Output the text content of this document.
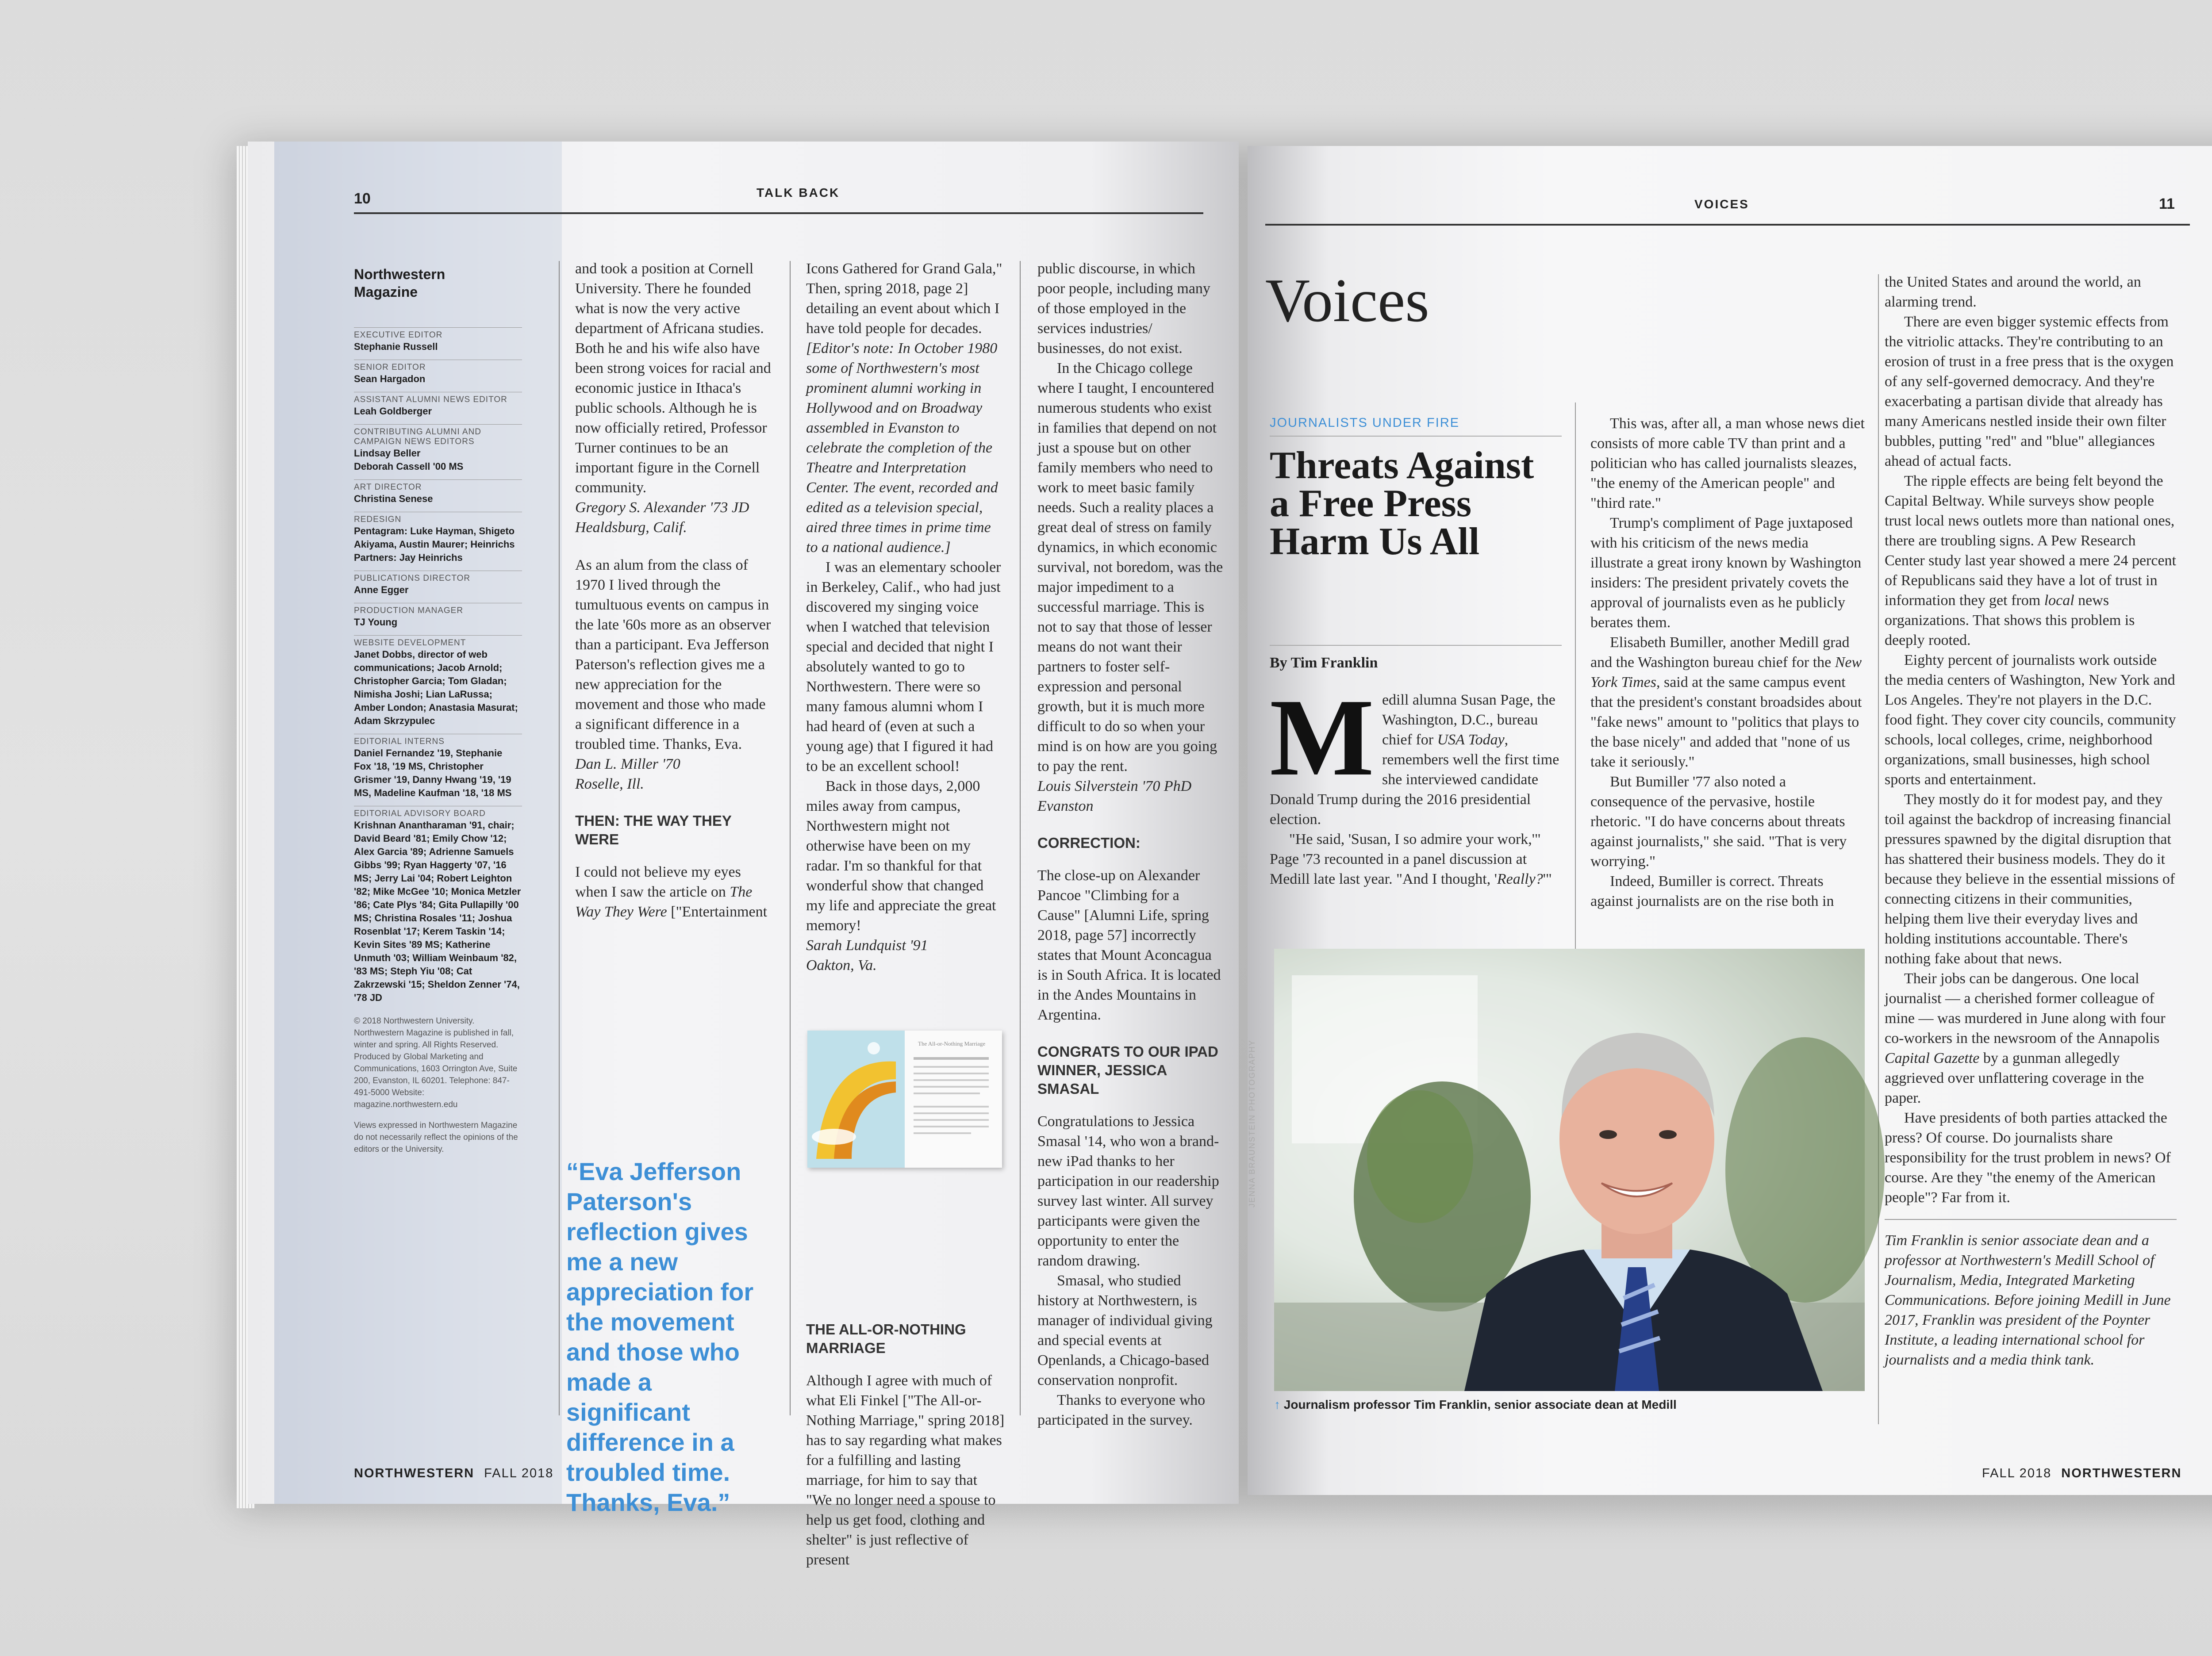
10	TALK BACK
Northwestern Magazine
EXECUTIVE EDITOR
Stephanie Russell
SENIOR EDITOR
Sean Hargadon
ASSISTANT ALUMNI NEWS EDITOR
Leah Goldberger
CONTRIBUTING ALUMNI AND CAMPAIGN NEWS EDITORS
Lindsay Beller
Deborah Cassell '00 MS
ART DIRECTOR
Christina Senese
REDESIGN
Pentagram: Luke Hayman, Shigeto Akiyama, Austin Maurer; Heinrichs Partners: Jay Heinrichs
PUBLICATIONS DIRECTOR
Anne Egger
PRODUCTION MANAGER
TJ Young
WEBSITE DEVELOPMENT
Janet Dobbs, director of web communications; Jacob Arnold; Christopher Garcia; Tom Gladan; Nimisha Joshi; Lian LaRussa; Amber London; Anastasia Masurat; Adam Skrzypulec
EDITORIAL INTERNS
Daniel Fernandez '19, Stephanie Fox '18, '19 MS, Christopher Grismer '19, Danny Hwang '19, '19 MS, Madeline Kaufman '18, '18 MS
EDITORIAL ADVISORY BOARD
Krishnan Anantharaman '91, chair; David Beard '81; Emily Chow '12; Alex Garcia '89; Adrienne Samuels Gibbs '99; Ryan Haggerty '07, '16 MS; Jerry Lai '04; Robert Leighton '82; Mike McGee '10; Monica Metzler '86; Cate Plys '84; Gita Pullapilly '00 MS; Christina Rosales '11; Joshua Rosenblat '17; Kerem Taskin '14; Kevin Sites '89 MS; Katherine Unmuth '03; William Weinbaum '82, '83 MS; Steph Yiu '08; Cat Zakrzewski '15; Sheldon Zenner '74, '78 JD
© 2018 Northwestern University. Northwestern Magazine is published in fall, winter and spring. All Rights Reserved. Produced by Global Marketing and Communications, 1603 Orrington Ave, Suite 200, Evanston, IL 60201. Telephone: 847-491-5000 Website: magazine.northwestern.edu
Views expressed in Northwestern Magazine do not necessarily reflect the opinions of the editors or the University.

and took a position at Cornell University. There he founded what is now the very active department of Africana studies. Both he and his wife also have been strong voices for racial and economic justice in Ithaca's public schools. Although he is now officially retired, Professor Turner continues to be an important figure in the Cornell community.

Gregory S. Alexander '73 JD

Healdsburg, Calif.

As an alum from the class of 1970 I lived through the tumultuous events on campus in the late '60s more as an observer than a participant. Eva Jefferson Paterson's reflection gives me a new appreciation for the movement and those who made a significant difference in a troubled time. Thanks, Eva.

Dan L. Miller '70

Roselle, Ill.

THEN: THE WAY THEY WERE

I could not believe my eyes when I saw the article on The Way They Were ["Entertainment

“Eva Jefferson Paterson's reflection gives me a new appreciation for the movement and those who made a significant difference in a troubled time. Thanks, Eva.”

Icons Gathered for Grand Gala," Then, spring 2018, page 2] detailing an event about which I have told people for decades.

[Editor's note: In October 1980 some of Northwestern's most prominent alumni working in Hollywood and on Broadway assembled in Evanston to celebrate the completion of the Theatre and Interpretation Center. The event, recorded and edited as a television special, aired three times in prime time to a national audience.]

I was an elementary schooler in Berkeley, Calif., who had just discovered my singing voice when I watched that television special and decided that night I absolutely wanted to go to Northwestern. There were so many famous alumni whom I had heard of (even at such a young age) that I figured it had to be an excellent school!

Back in those days, 2,000 miles away from campus, Northwestern might not otherwise have been on my radar. I'm so thankful for that wonderful show that changed my life and appreciate the great memory!

Sarah Lundquist '91

Oakton, Va.

The All-or-Nothing Marriage
THE ALL-OR-NOTHING MARRIAGE

Although I agree with much of what Eli Finkel ["The All-or-Nothing Marriage," spring 2018] has to say regarding what makes for a fulfilling and lasting marriage, for him to say that "We no longer need a spouse to help us get food, clothing and shelter" is just reflective of present

public discourse, in which poor people, including many of those employed in the services industries/ businesses, do not exist.

In the Chicago college where I taught, I encountered numerous students who exist in families that depend on not just a spouse but on other family members who need to work to meet basic family needs. Such a reality places a great deal of stress on family dynamics, in which economic survival, not boredom, was the major impediment to a successful marriage. This is not to say that those of lesser means do not want their partners to foster self-expression and personal growth, but it is much more difficult to do so when your mind is on how are you going to pay the rent.

Louis Silverstein '70 PhD

Evanston

CORRECTION:

The close-up on Alexander Pancoe "Climbing for a Cause" [Alumni Life, spring 2018, page 57] incorrectly states that Mount Aconcagua is in South Africa. It is located in the Andes Mountains in Argentina.

CONGRATS TO OUR IPAD WINNER, JESSICA SMASAL

Congratulations to Jessica Smasal '14, who won a brand-new iPad thanks to her participation in our readership survey last winter. All survey participants were given the opportunity to enter the random drawing.

Smasal, who studied history at Northwestern, is manager of individual giving and special events at Openlands, a Chicago-based conservation nonprofit.

Thanks to everyone who participated in the survey.

NORTHWESTERN FALL 2018
VOICES	11
Voices
JOURNALISTS UNDER FIRE
Threats Against a Free Press Harm Us All
By Tim Franklin

Medill alumna Susan Page, the Washington, D.C., bureau chief for USA Today, remembers well the first time she interviewed candidate Donald Trump during the 2016 presidential election.

"He said, 'Susan, I so admire your work,'" Page '73 recounted in a panel discussion at Medill late last year. "And I thought, 'Really?'"

This was, after all, a man whose news diet consists of more cable TV than print and a politician who has called journalists sleazes, "the enemy of the American people" and "third rate."

Trump's compliment of Page juxtaposed with his criticism of the news media illustrate a great irony known by Washington insiders: The president privately covets the approval of journalists even as he publicly berates them.

Elisabeth Bumiller, another Medill grad and the Washington bureau chief for the New York Times, said at the same campus event that the president's constant broadsides about "fake news" amount to "politics that plays to the base nicely" and added that "none of us take it seriously."

But Bumiller '77 also noted a consequence of the pervasive, hostile rhetoric. "I do have concerns about threats against journalists," she said. "That is very worrying."

Indeed, Bumiller is correct. Threats against journalists are on the rise both in

JENNA BRAUNSTEIN PHOTOGRAPHY
↑ Journalism professor Tim Franklin, senior associate dean at Medill

the United States and around the world, an alarming trend.

There are even bigger systemic effects from the vitriolic attacks. They're contributing to an erosion of trust in a free press that is the oxygen of any self-governed democracy. And they're exacerbating a partisan divide that already has many Americans nestled inside their own filter bubbles, putting "red" and "blue" allegiances ahead of actual facts.

The ripple effects are being felt beyond the Capital Beltway. While surveys show people trust local news outlets more than national ones, there are troubling signs. A Pew Research Center study last year showed a mere 24 percent of Republicans said they have a lot of trust in information they get from local news organizations. That shows this problem is deeply rooted.

Eighty percent of journalists work outside the media centers of Washington, New York and Los Angeles. They're not players in the D.C. food fight. They cover city councils, community schools, local colleges, crime, neighborhood organizations, small businesses, high school sports and entertainment.

They mostly do it for modest pay, and they toil against the backdrop of increasing financial pressures spawned by the digital disruption that has shattered their business models. They do it because they believe in the essential missions of connecting citizens in their communities, helping them live their everyday lives and holding institutions accountable. There's nothing fake about that news.

Their jobs can be dangerous. One local journalist — a cherished former colleague of mine — was murdered in June along with four co-workers in the newsroom of the Annapolis Capital Gazette by a gunman allegedly aggrieved over unflattering coverage in the paper.

Have presidents of both parties attacked the press? Of course. Do journalists share responsibility for the trust problem in news? Of course. Are they "the enemy of the American people"? Far from it.

Tim Franklin is senior associate dean and a professor at Northwestern's Medill School of Journalism, Media, Integrated Marketing Communications. Before joining Medill in June 2017, Franklin was president of the Poynter Institute, a leading international school for journalists and a media think tank.

FALL 2018 NORTHWESTERN
